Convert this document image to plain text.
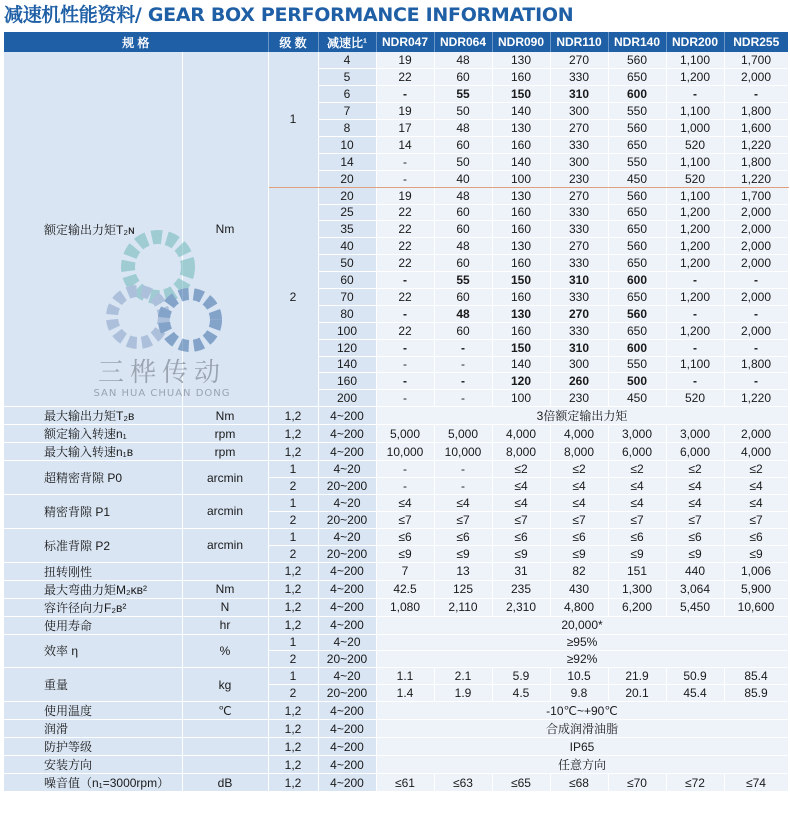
减速机性能资料/ GEAR BOX PERFORMANCE INFORMATION
规 格		级 数	减速比¹	NDR047	NDR064	NDR090	NDR110	NDR140	NDR200	NDR255
额定输出力矩T₂ɴ	Nm	1	4	19	48	130	270	560	1,100	1,700
			5	22	60	160	330	650	1,200	2,000
			6	-	55	150	310	600	-	-
			7	19	50	140	300	550	1,100	1,800
			8	17	48	130	270	560	1,000	1,600
			10	14	60	160	330	650	520	1,220
			14	-	50	140	300	550	1,100	1,800
			20	-	40	100	230	450	520	1,220
		2	20	19	48	130	270	560	1,100	1,700
			25	22	60	160	330	650	1,200	2,000
			35	22	60	160	330	650	1,200	2,000
			40	22	48	130	270	560	1,200	2,000
			50	22	60	160	330	650	1,200	2,000
			60	-	55	150	310	600	-	-
			70	22	60	160	330	650	1,200	2,000
			80	-	48	130	270	560	-	-
			100	22	60	160	330	650	1,200	2,000
			120	-	-	150	310	600	-	-
			140	-	-	140	300	550	1,100	1,800
			160	-	-	120	260	500	-	-
			200	-	-	100	230	450	520	1,220
最大输出力矩T₂ʙ	Nm	1,2	4~200	3倍额定输出力矩						
额定输入转速n₁	rpm	1,2	4~200	5,000	5,000	4,000	4,000	3,000	3,000	2,000
最大输入转速n₁ʙ	rpm	1,2	4~200	10,000	10,000	8,000	8,000	6,000	6,000	4,000
超精密背隙 P0	arcmin	1	4~20	-	-	≤2	≤2	≤2	≤2	≤2
		2	20~200	-	-	≤4	≤4	≤4	≤4	≤4
精密背隙 P1	arcmin	1	4~20	≤4	≤4	≤4	≤4	≤4	≤4	≤4
		2	20~200	≤7	≤7	≤7	≤7	≤7	≤7	≤7
标准背隙 P2	arcmin	1	4~20	≤6	≤6	≤6	≤6	≤6	≤6	≤6
		2	20~200	≤9	≤9	≤9	≤9	≤9	≤9	≤9
扭转刚性		1,2	4~200	7	13	31	82	151	440	1,006
最大弯曲力矩M₂ᴋʙ²	Nm	1,2	4~200	42.5	125	235	430	1,300	3,064	5,900
容许径向力F₂ʙ²	N	1,2	4~200	1,080	2,110	2,310	4,800	6,200	5,450	10,600
使用寿命	hr	1,2	4~200	20,000*						
效率 η	%	1	4~20	≥95%						
		2	20~200	≥92%						
重量	kg	1	4~20	1.1	2.1	5.9	10.5	21.9	50.9	85.4
		2	20~200	1.4	1.9	4.5	9.8	20.1	45.4	85.9
使用温度	℃	1,2	4~200	-10℃~+90℃						
润滑		1,2	4~200	合成润滑油脂						
防护等级		1,2	4~200	IP65						
安装方向		1,2	4~200	任意方向						
噪音值（n₁=3000rpm）	dB	1,2	4~200	≤61	≤63	≤65	≤68	≤70	≤72	≤74
三桦传动
SAN HUA CHUAN DONG
